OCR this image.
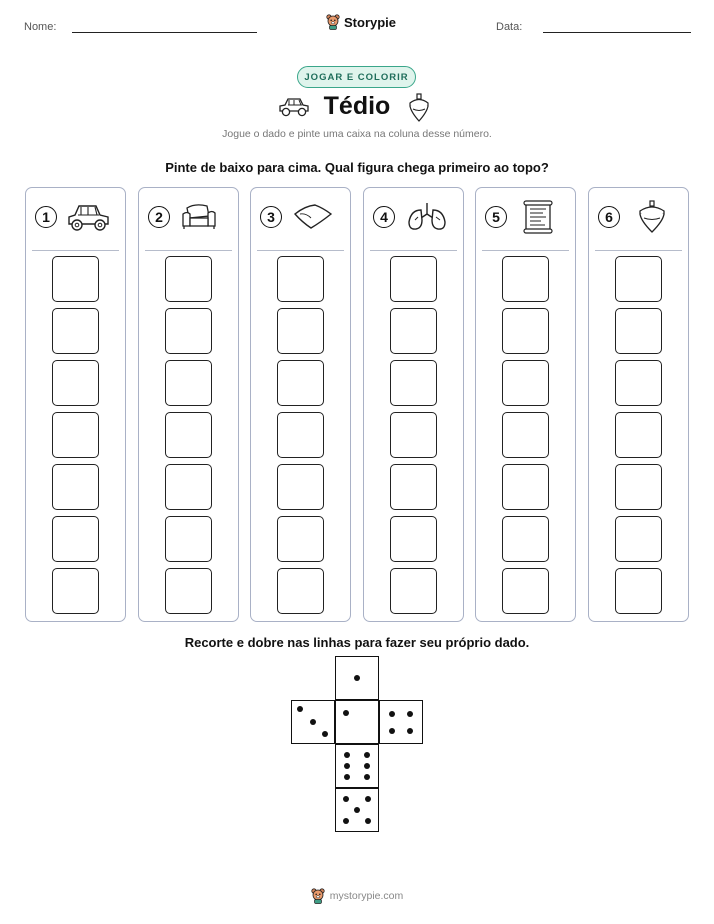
Nome:	Storypie	Data:
JOGAR E COLORIR
Tédio
Jogue o dado e pinte uma caixa na coluna desse número.
Pinte de baixo para cima. Qual figura chega primeiro ao topo?
1	2	3	4	5	6
Recorte e dobre nas linhas para fazer seu próprio dado.
mystorypie.com
